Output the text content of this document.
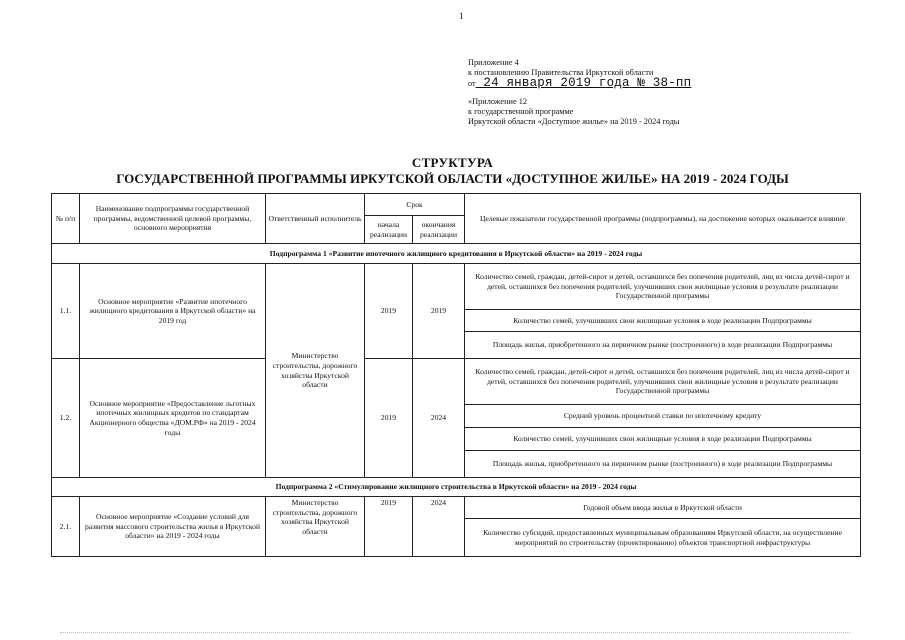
1
Приложение 4
к постановлению Правительства Иркутской области
от 24 января 2019 года № 38-пп
«Приложение 12
к государственной программе
Иркутской области «Доступное жилье» на 2019 - 2024 годы
СТРУКТУРА
ГОСУДАРСТВЕННОЙ ПРОГРАММЫ ИРКУТСКОЙ ОБЛАСТИ «ДОСТУПНОЕ ЖИЛЬЕ» НА 2019 - 2024 ГОДЫ
№ п/п	Наименование подпрограммы государственной программы, ведомственной целевой программы, основного мероприятия	Ответственный исполнитель	Срок		Целевые показатели государственной программы (подпрограммы), на достижение которых оказывается влияние
			начала реализации	окончания реализации	
Подпрограмма 1 «Развитие ипотечного жилищного кредитования в Иркутской области» на 2019 - 2024 годы					
1.1.	Основное мероприятие «Развитие ипотечного жилищного кредитования в Иркутской области» на 2019 год	Министерство строительства, дорожного хозяйства Иркутской области	2019	2019	Количество семей, граждан, детей-сирот и детей, оставшихся без попечения родителей, лиц из числа детей-сирот и детей, оставшихся без попечения родителей, улучшивших свои жилищные условия в результате реализации Государственной программы
					Количество семей, улучшивших свои жилищные условия в ходе реализации Подпрограммы
					Площадь жилья, приобретенного на первичном рынке (построенного) в ходе реализации Подпрограммы
1.2.	Основное мероприятие «Предоставление льготных ипотечных жилищных кредитов по стандартам Акционерного общества «ДОМ.РФ» на 2019 - 2024 годы		2019	2024	Количество семей, граждан, детей-сирот и детей, оставшихся без попечения родителей, лиц из числа детей-сирот и детей, оставшихся без попечения родителей, улучшивших свои жилищные условия в результате реализации Государственной программы
					Средний уровень процентной ставки по ипотечному кредиту
					Количество семей, улучшивших свои жилищные условия в ходе реализации Подпрограммы
					Площадь жилья, приобретенного на первичном рынке (построенного) в ходе реализации Подпрограммы
Подпрограмма 2 «Стимулирование жилищного строительства в Иркутской области» на 2019 - 2024 годы					
2.1.	Основное мероприятие «Создание условий для развития массового строительства жилья в Иркутской области» на 2019 - 2024 годы	Министерство строительства, дорожного хозяйства Иркутской области	2019	2024	Годовой объем ввода жилья в Иркутской области
					Количество субсидий, предоставленных муниципальным образованиям Иркутской области, на осуществление мероприятий по строительству (проектированию) объектов транспортной инфраструктуры
